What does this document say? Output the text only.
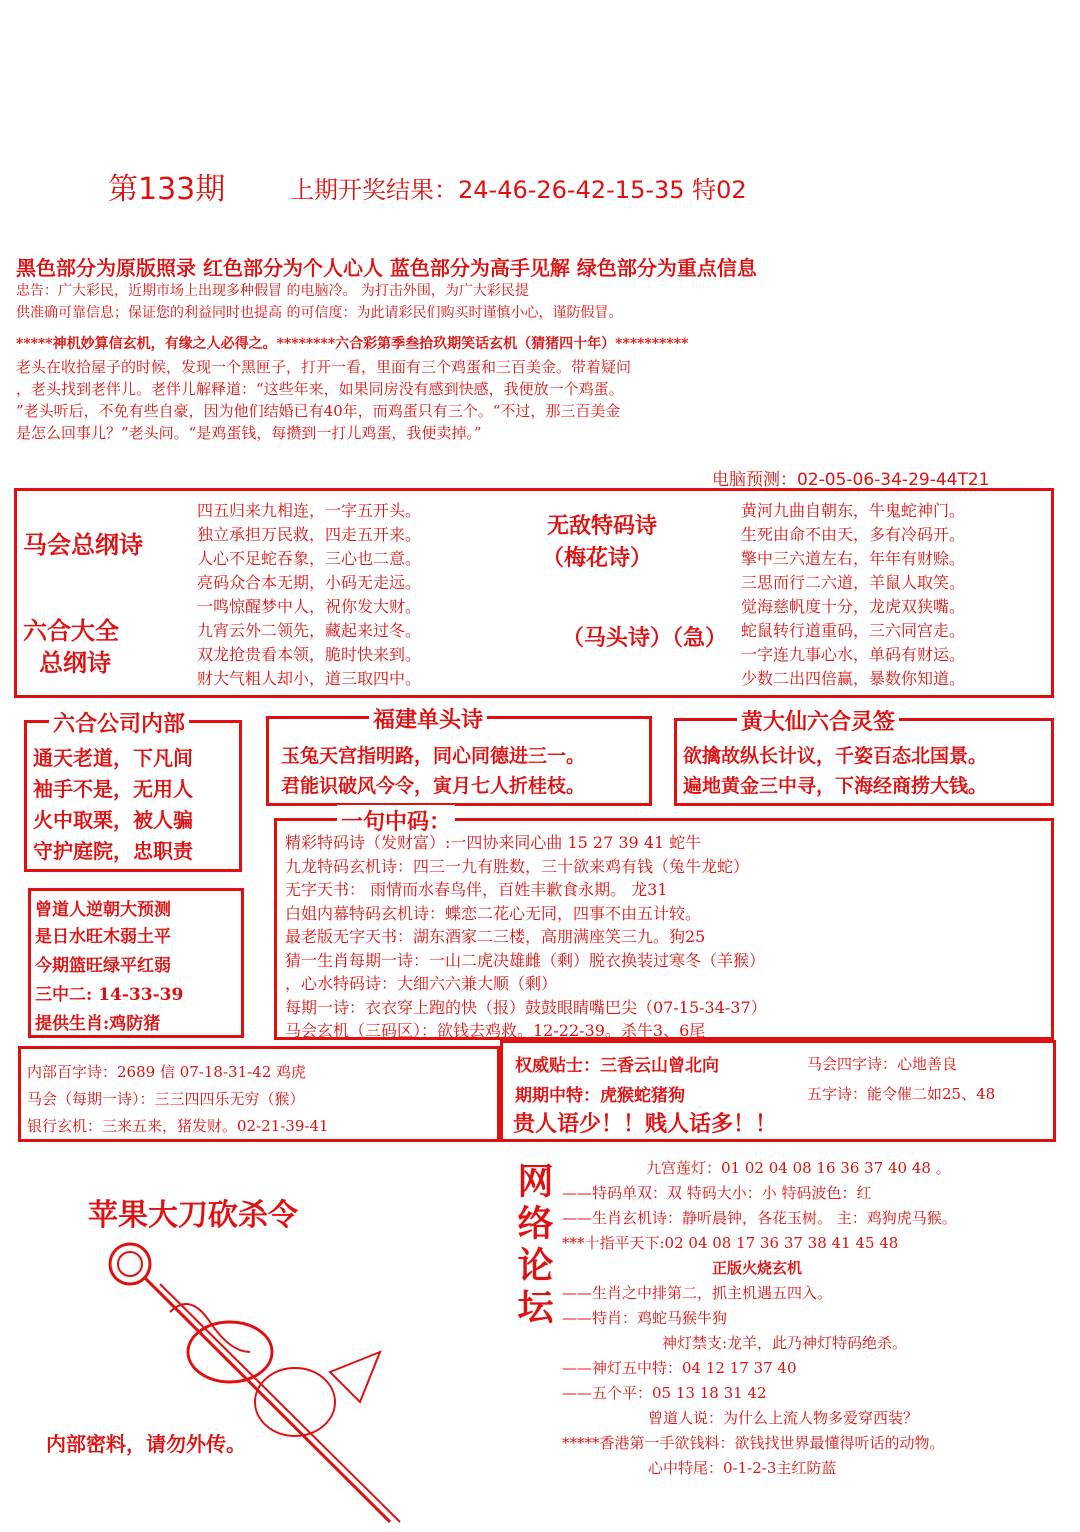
第133期	上期开奖结果：24-46-26-42-15-35 特02
黑色部分为原版照录 红色部分为个人心人 蓝色部分为高手见解 绿色部分为重点信息
忠告：广大彩民，近期市场上出现多种假冒 的电脑冷。 为打击外围，为广大彩民提
供准确可靠信息；保证您的利益同时也提高 的可信度：为此请彩民们购买时谨慎小心，谨防假冒。
*****神机妙算信玄机，有缘之人必得之。********六合彩第季叁拾玖期笑话玄机（猜猪四十年）**********
老头在收拾屋子的时候，发现一个黑匣子，打开一看，里面有三个鸡蛋和三百美金。带着疑问
，老头找到老伴儿。老伴儿解释道：“这些年来，如果同房没有感到快感，我便放一个鸡蛋。
”老头听后，不免有些自豪，因为他们结婚已有40年，而鸡蛋只有三个。“不过，那三百美金
是怎么回事儿？”老头问。“是鸡蛋钱，每攒到一打儿鸡蛋，我便卖掉。”
电脑预测：02-05-06-34-29-44T21
马会总纲诗
六合大全
总纲诗
四五归来九相连，一字五开头。
独立承担万民救，四走五开来。
人心不足蛇吞象，三心也二意。
亮码众合本无期，小码无走远。
一鸣惊醒梦中人，祝你发大财。
九宵云外二领先，藏起来过冬。
双龙抢贵看本领，脆时快来到。
财大气粗人却小，道三取四中。
无敌特码诗
（梅花诗）
（马头诗）（急）
黄河九曲自朝东，牛鬼蛇神门。
生死由命不由天，多有冷码开。
擎中三六道左右，年年有财赊。
三思而行二六道，羊鼠人取笑。
觉海慈帆度十分，龙虎双狭嘴。
蛇鼠转行道重码，三六同宫走。
一字连九事心水，单码有财运。
少数二出四倍赢，暴数你知道。
六合公司内部
通天老道，下凡间
袖手不是，无用人
火中取栗，被人骗
守护庭院，忠职责
福建单头诗
玉兔天宫指明路，同心同德进三一。
君能识破风今令，寅月七人折桂枝。
黄大仙六合灵签
欲擒故纵长计议，千姿百态北国景。
遍地黄金三中寻，下海经商捞大钱。
一句中码：
精彩特码诗（发财富）:一四协来同心曲 15 27 39 41 蛇牛
九龙特码玄机诗：四三一九有胜数，三十欲来鸡有钱（兔牛龙蛇）
无字天书： 雨情而水春鸟伴，百姓丰歉食永期。 龙31
白姐内幕特码玄机诗：蝶恋二花心无同，四事不由五计较。
最老版无字天书：湖东酒家二三楼，高朋满座笑三九。狗25
猜一生肖每期一诗：一山二虎决雄雌（剩）脱衣换装过寒冬（羊猴）
，心水特码诗：大细六六兼大顺（剩）
每期一诗：衣衣穿上跑的快（报）鼓鼓眼睛嘴巴尖（07-15-34-37）
马会玄机（三码区）：欲钱去鸡救。12-22-39。杀牛3、6尾
曾道人逆朝大预测
是日水旺木弱土平
今期篮旺绿平红弱
三中二: 14-33-39
提供生肖:鸡防猪
内部百字诗：2689 信 07-18-31-42 鸡虎
马会（每期一诗）：三三四四乐无穷（猴）
银行玄机：三来五来，猪发财。02-21-39-41
权威贴士：三香云山曾北向	马会四字诗：心地善良
期期中特：虎猴蛇猪狗	五字诗：能令催二如25、48
贵人语少！！贱人话多！！
苹果大刀砍杀令
内部密料，请勿外传。
网络论坛	九宫莲灯：01 02 04 08 16 36 37 40 48 。
——特码单双：双 特码大小：小 特码波色：红
——生肖玄机诗：静听晨钟，各花玉树。 主：鸡狗虎马猴。
***十指平天下:02 04 08 17 36 37 38 41 45 48
正版火烧玄机
——生肖之中排第二，抓主机遇五四入。
——特肖：鸡蛇马猴牛狗
神灯禁支:龙羊，此乃神灯特码绝杀。
——神灯五中特：04 12 17 37 40
——五个平：05 13 18 31 42
曾道人说：为什么上流人物多爱穿西装？
*****香港第一手欲钱料：欲钱找世界最懂得听话的动物。
心中特尾：0-1-2-3主红防蓝
